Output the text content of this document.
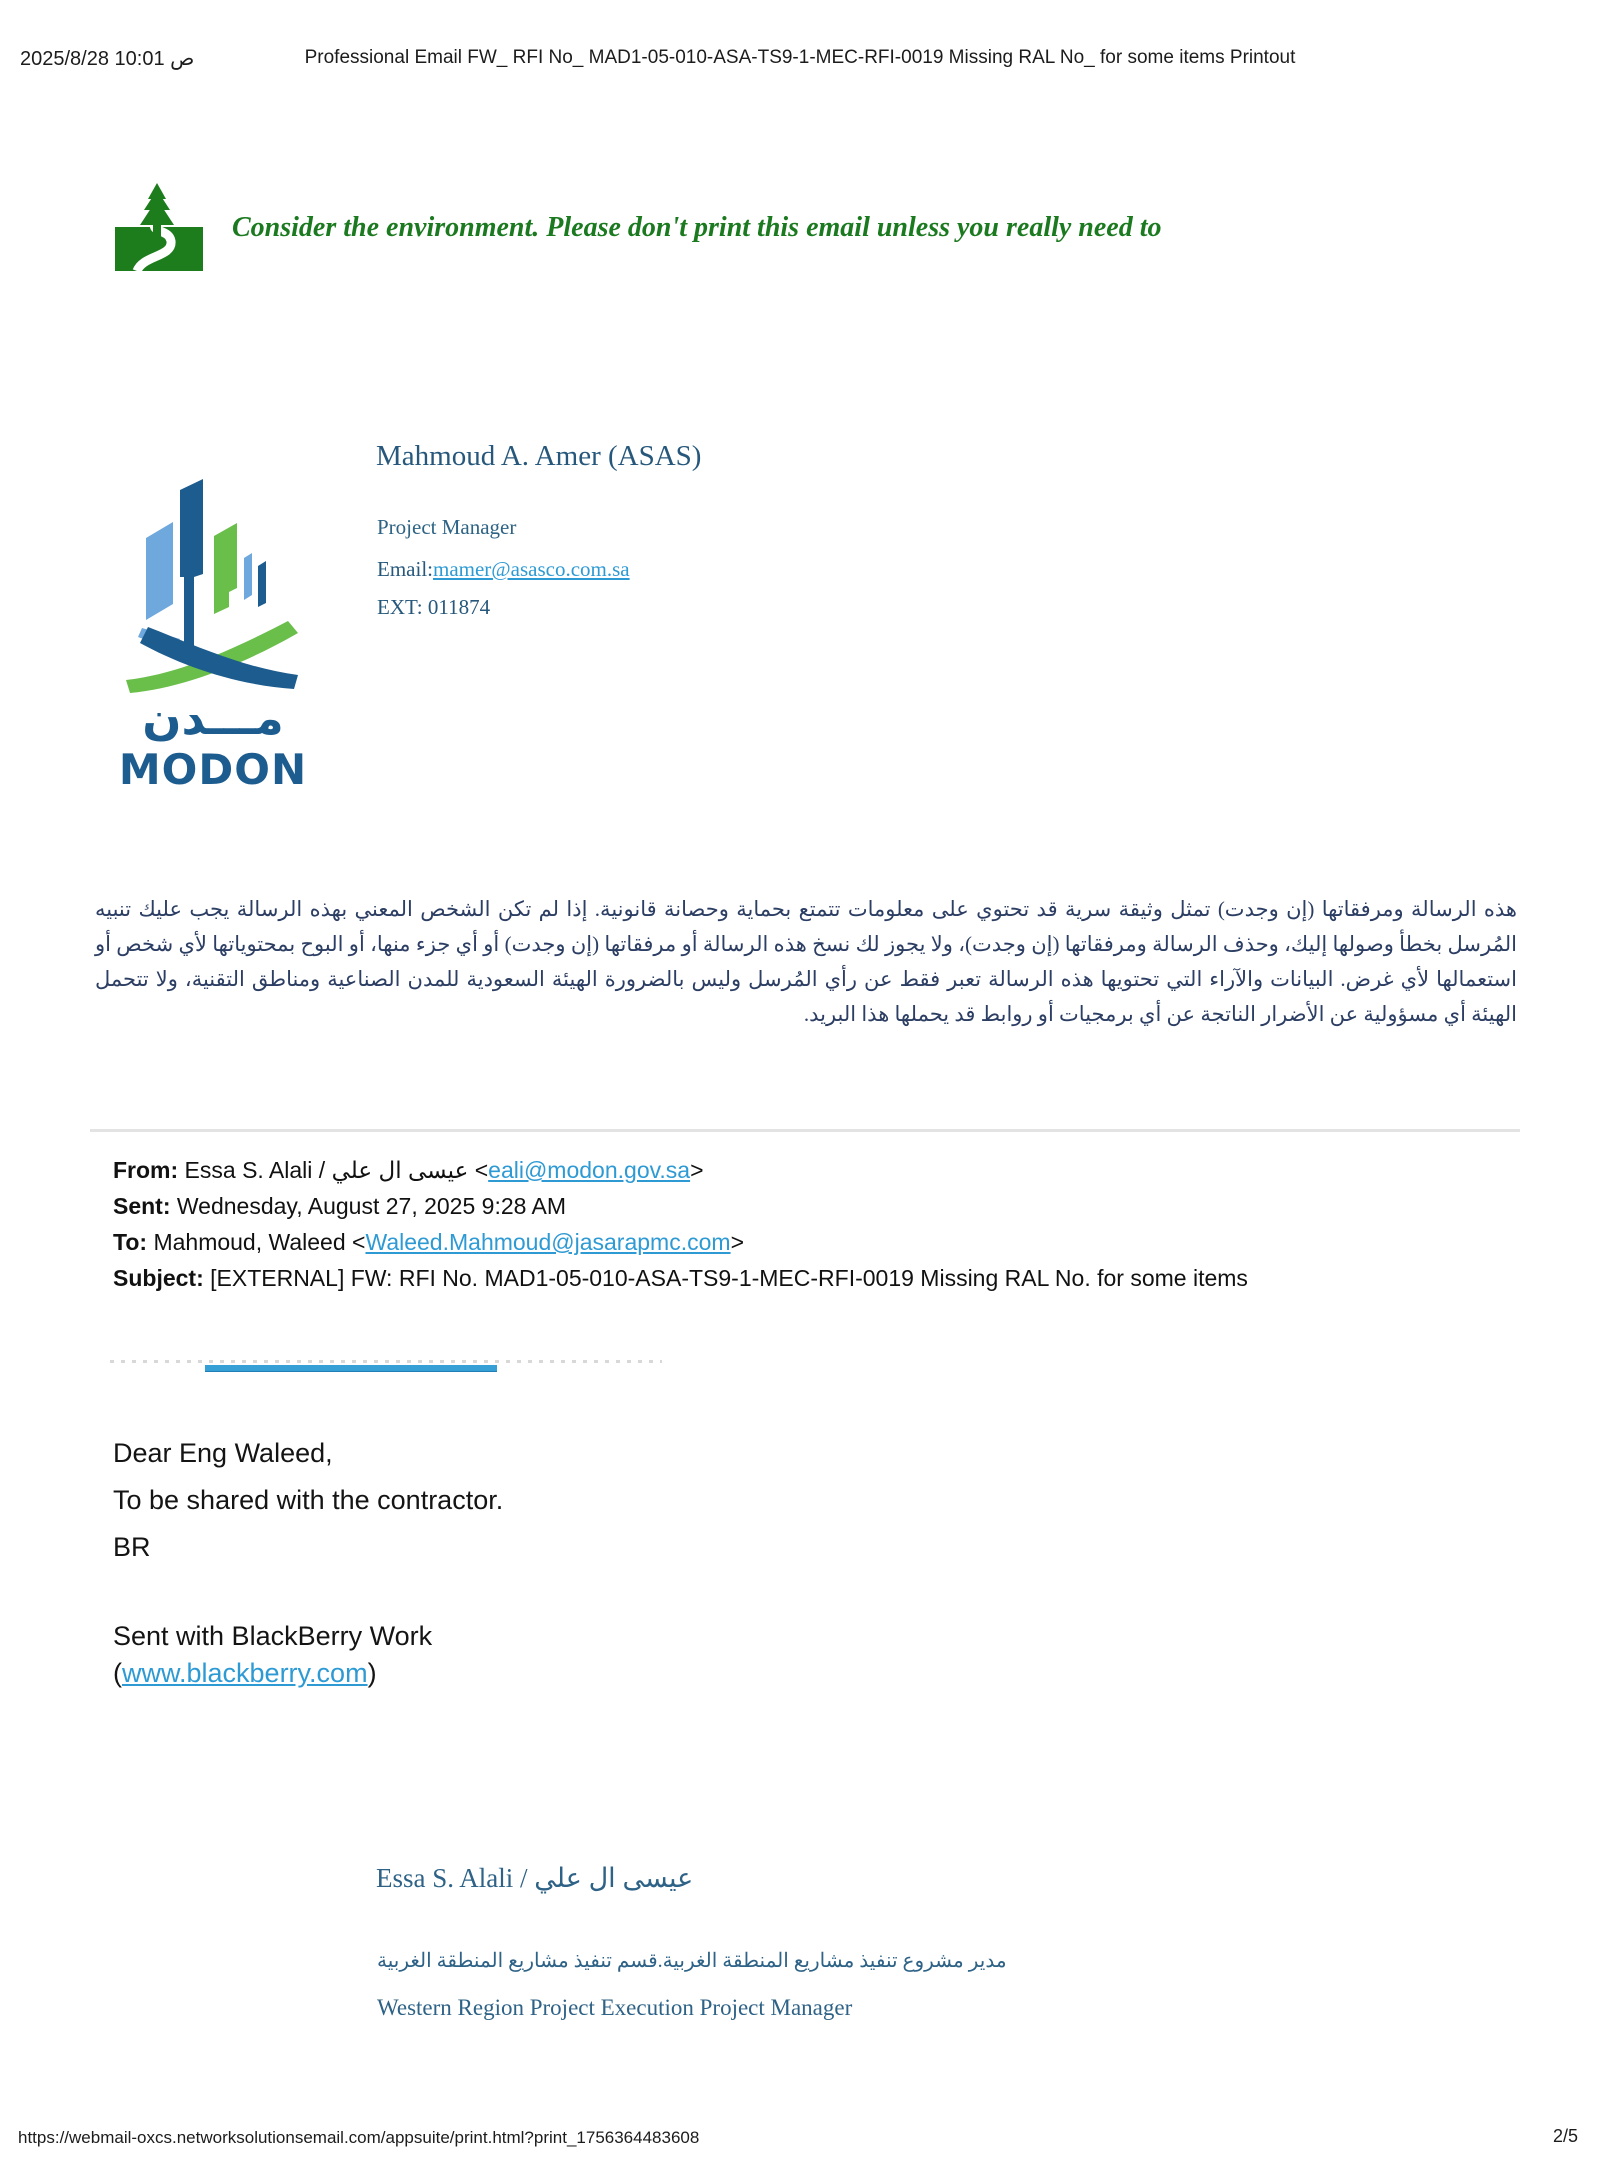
ص 10:01 2025/8/28	Professional Email FW_ RFI No_ MAD1-05-010-ASA-TS9-1-MEC-RFI-0019 Missing RAL No_ for some items Printout
Consider the environment. Please don't print this email unless you really need to
Mahmoud A. Amer (ASAS)
Project Manager
Email:mamer@asasco.com.sa
EXT: 011874
مـــدن
MODON
هذه الرسالة ومرفقاتها (إن وجدت) تمثل وثيقة سرية قد تحتوي على معلومات تتمتع بحماية وحصانة قانونية. إذا لم تكن الشخص المعني بهذه الرسالة يجب عليك تنبيه المُرسل بخطأ وصولها إليك، وحذف الرسالة ومرفقاتها (إن وجدت)، ولا يجوز لك نسخ هذه الرسالة أو مرفقاتها (إن وجدت) أو أي جزء منها، أو البوح بمحتوياتها لأي شخص أو استعمالها لأي غرض. البيانات والآراء التي تحتويها هذه الرسالة تعبر فقط عن رأي المُرسل وليس بالضرورة الهيئة السعودية للمدن الصناعية ومناطق التقنية، ولا تتحمل الهيئة أي مسؤولية عن الأضرار الناتجة عن أي برمجيات أو روابط قد يحملها هذا البريد.
From: Essa S. Alali / عيسى ال علي <eali@modon.gov.sa>
Sent: Wednesday, August 27, 2025 9:28 AM
To: Mahmoud, Waleed <Waleed.Mahmoud@jasarapmc.com>
Subject: [EXTERNAL] FW: RFI No. MAD1-05-010-ASA-TS9-1-MEC-RFI-0019 Missing RAL No. for some items
Dear Eng Waleed,
To be shared with the contractor.
BR
Sent with BlackBerry Work
(www.blackberry.com)
Essa S. Alali / عيسى ال علي
مدير مشروع تنفيذ مشاريع المنطقة الغربية.قسم تنفيذ مشاريع المنطقة الغربية
Western Region Project Execution Project Manager
https://webmail-oxcs.networksolutionsemail.com/appsuite/print.html?print_1756364483608	2/5
